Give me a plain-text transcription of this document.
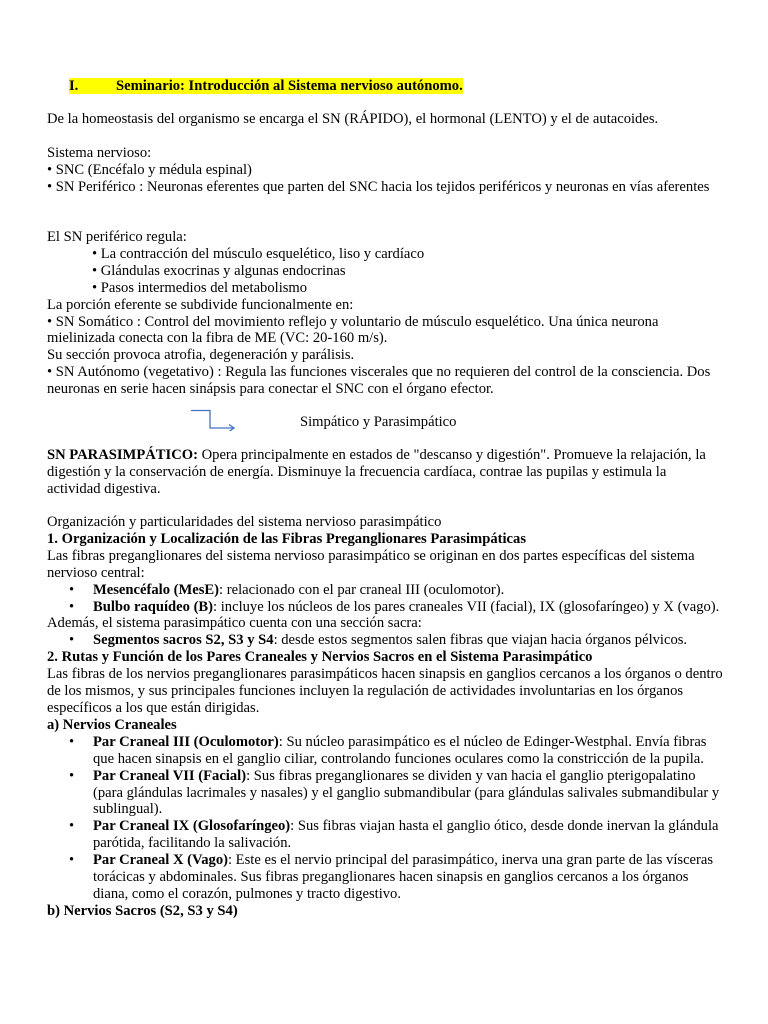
I.	Seminario: Introducción al Sistema nervioso autónomo.

De la homeostasis del organismo se encarga el SN (RÁPIDO), el hormonal (LENTO) y el de autacoides.

Sistema nervioso:

• SNC (Encéfalo y médula espinal)

• SN Periférico : Neuronas eferentes que parten del SNC hacia los tejidos periféricos y neuronas en vías aferentes

El SN periférico regula:

• La contracción del músculo esquelético, liso y cardíaco

• Glándulas exocrinas y algunas endocrinas

• Pasos intermedios del metabolismo

La porción eferente se subdivide funcionalmente en:

• SN Somático : Control del movimiento reflejo y voluntario de músculo esquelético. Una única neurona mielinizada conecta con la fibra de ME (VC: 20-160 m/s).

Su sección provoca atrofia, degeneración y parálisis.

• SN Autónomo (vegetativo) : Regula las funciones viscerales que no requieren del control de la consciencia. Dos neuronas en serie hacen sinápsis para conectar el SNC con el órgano efector.

Simpático y Parasimpático

SN PARASIMPÁTICO: Opera principalmente en estados de "descanso y digestión". Promueve la relajación, la digestión y la conservación de energía. Disminuye la frecuencia cardíaca, contrae las pupilas y estimula la actividad digestiva.

Organización y particularidades del sistema nervioso parasimpático

1. Organización y Localización de las Fibras Preganglionares Parasimpáticas

Las fibras preganglionares del sistema nervioso parasimpático se originan en dos partes específicas del sistema nervioso central:

• Mesencéfalo (MesE): relacionado con el par craneal III (oculomotor).
• Bulbo raquídeo (B): incluye los núcleos de los pares craneales VII (facial), IX (glosofaríngeo) y X (vago).

Además, el sistema parasimpático cuenta con una sección sacra:

• Segmentos sacros S2, S3 y S4: desde estos segmentos salen fibras que viajan hacia órganos pélvicos.

2. Rutas y Función de los Pares Craneales y Nervios Sacros en el Sistema Parasimpático

Las fibras de los nervios preganglionares parasimpáticos hacen sinapsis en ganglios cercanos a los órganos o dentro de los mismos, y sus principales funciones incluyen la regulación de actividades involuntarias en los órganos específicos a los que están dirigidas.

a) Nervios Craneales

• Par Craneal III (Oculomotor): Su núcleo parasimpático es el núcleo de Edinger-Westphal. Envía fibras que hacen sinapsis en el ganglio ciliar, controlando funciones oculares como la constricción de la pupila.
• Par Craneal VII (Facial): Sus fibras preganglionares se dividen y van hacia el ganglio pterigopalatino (para glándulas lacrimales y nasales) y el ganglio submandibular (para glándulas salivales submandibular y sublingual).
• Par Craneal IX (Glosofaríngeo): Sus fibras viajan hasta el ganglio ótico, desde donde inervan la glándula parótida, facilitando la salivación.
• Par Craneal X (Vago): Este es el nervio principal del parasimpático, inerva una gran parte de las vísceras torácicas y abdominales. Sus fibras preganglionares hacen sinapsis en ganglios cercanos a los órganos diana, como el corazón, pulmones y tracto digestivo.

b) Nervios Sacros (S2, S3 y S4)
